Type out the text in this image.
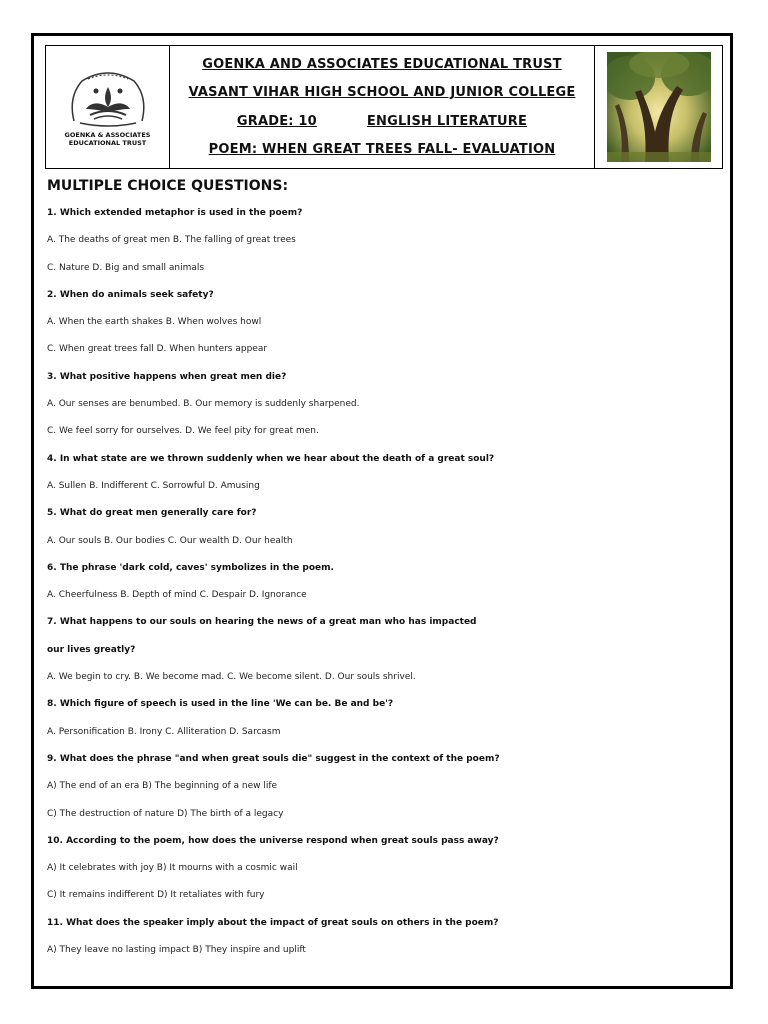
GOENKA & ASSOCIATES
EDUCATIONAL TRUST
GOENKA AND ASSOCIATES EDUCATIONAL TRUST
VASANT VIHAR HIGH SCHOOL AND JUNIOR COLLEGE
GRADE: 10	ENGLISH LITERATURE
POEM: WHEN GREAT TREES FALL- EVALUATION
MULTIPLE CHOICE QUESTIONS:
1. Which extended metaphor is used in the poem?
A. The deaths of great men B. The falling of great trees
C. Nature D. Big and small animals
2. When do animals seek safety?
A. When the earth shakes B. When wolves howl
C. When great trees fall D. When hunters appear
3. What positive happens when great men die?
A. Our senses are benumbed. B. Our memory is suddenly sharpened.
C. We feel sorry for ourselves. D. We feel pity for great men.
4. In what state are we thrown suddenly when we hear about the death of a great soul?
A. Sullen B. Indifferent C. Sorrowful D. Amusing
5. What do great men generally care for?
A. Our souls B. Our bodies C. Our wealth D. Our health
6. The phrase 'dark cold, caves' symbolizes in the poem.
A. Cheerfulness B. Depth of mind C. Despair D. Ignorance
7. What happens to our souls on hearing the news of a great man who has impacted
our lives greatly?
A. We begin to cry. B. We become mad. C. We become silent. D. Our souls shrivel.
8. Which figure of speech is used in the line 'We can be. Be and be'?
A. Personification B. Irony C. Alliteration D. Sarcasm
9. What does the phrase "and when great souls die" suggest in the context of the poem?
A) The end of an era B) The beginning of a new life
C) The destruction of nature D) The birth of a legacy
10. According to the poem, how does the universe respond when great souls pass away?
A) It celebrates with joy B) It mourns with a cosmic wail
C) It remains indifferent D) It retaliates with fury
11. What does the speaker imply about the impact of great souls on others in the poem?
A) They leave no lasting impact B) They inspire and uplift
